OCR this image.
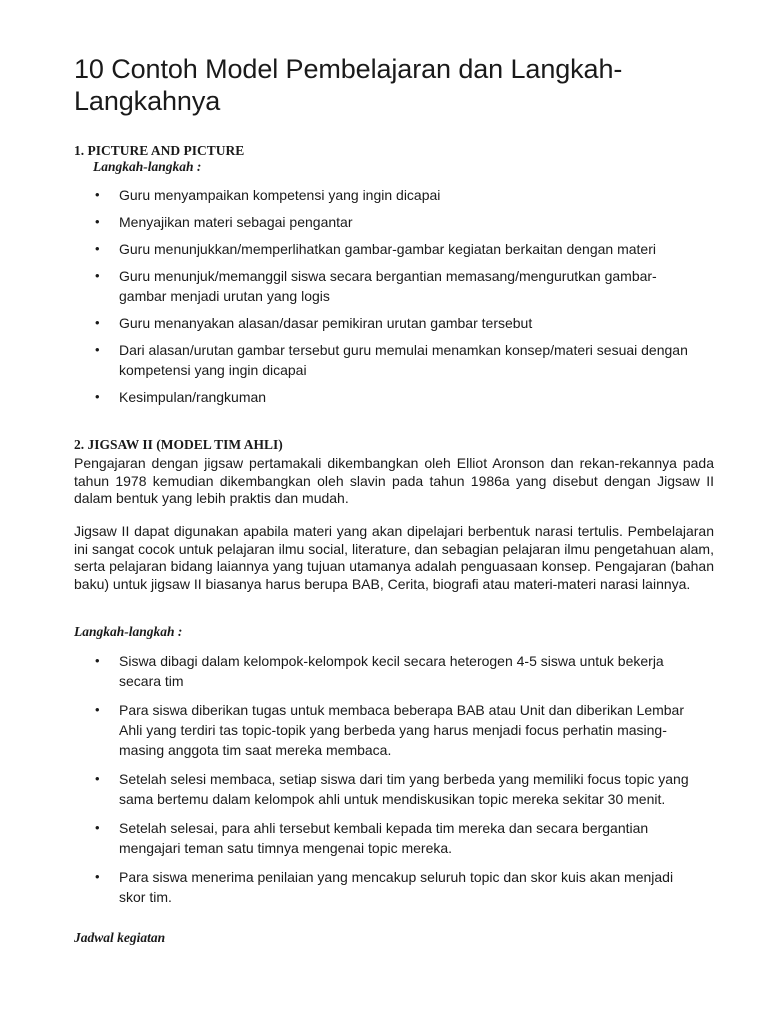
10 Contoh Model Pembelajaran dan Langkah-Langkahnya

1. PICTURE AND PICTURE

Langkah-langkah :

• Guru menyampaikan kompetensi yang ingin dicapai
• Menyajikan materi sebagai pengantar
• Guru menunjukkan/memperlihatkan gambar-gambar kegiatan berkaitan dengan materi
• Guru menunjuk/memanggil siswa secara bergantian memasang/mengurutkan gambar-gambar menjadi urutan yang logis
• Guru menanyakan alasan/dasar pemikiran urutan gambar tersebut
• Dari alasan/urutan gambar tersebut guru memulai menamkan konsep/materi sesuai dengan kompetensi yang ingin dicapai
• Kesimpulan/rangkuman

2. JIGSAW II (MODEL TIM AHLI)

Pengajaran dengan jigsaw pertamakali dikembangkan oleh Elliot Aronson dan rekan-rekannya pada tahun 1978 kemudian dikembangkan oleh slavin pada tahun 1986a yang disebut dengan Jigsaw II dalam bentuk yang lebih praktis dan mudah.

Jigsaw II dapat digunakan apabila materi yang akan dipelajari berbentuk narasi tertulis. Pembelajaran ini sangat cocok untuk pelajaran ilmu social, literature, dan sebagian pelajaran ilmu pengetahuan alam, serta pelajaran bidang laiannya yang tujuan utamanya adalah penguasaan konsep. Pengajaran (bahan baku) untuk jigsaw II biasanya harus berupa BAB, Cerita, biografi atau materi-materi narasi lainnya.

Langkah-langkah :

• Siswa dibagi dalam kelompok-kelompok kecil secara heterogen 4-5 siswa untuk bekerja secara tim
• Para siswa diberikan tugas untuk membaca beberapa BAB atau Unit dan diberikan Lembar Ahli yang terdiri tas topic-topik yang berbeda yang harus menjadi focus perhatin masing-masing anggota tim saat mereka membaca.
• Setelah selesi membaca, setiap siswa dari tim yang berbeda yang memiliki focus topic yang sama bertemu dalam kelompok ahli untuk mendiskusikan topic mereka sekitar 30 menit.
• Setelah selesai, para ahli tersebut kembali kepada tim mereka dan secara bergantian mengajari teman satu timnya mengenai topic mereka.
• Para siswa menerima penilaian yang mencakup seluruh topic dan skor kuis akan menjadi skor tim.

Jadwal kegiatan
